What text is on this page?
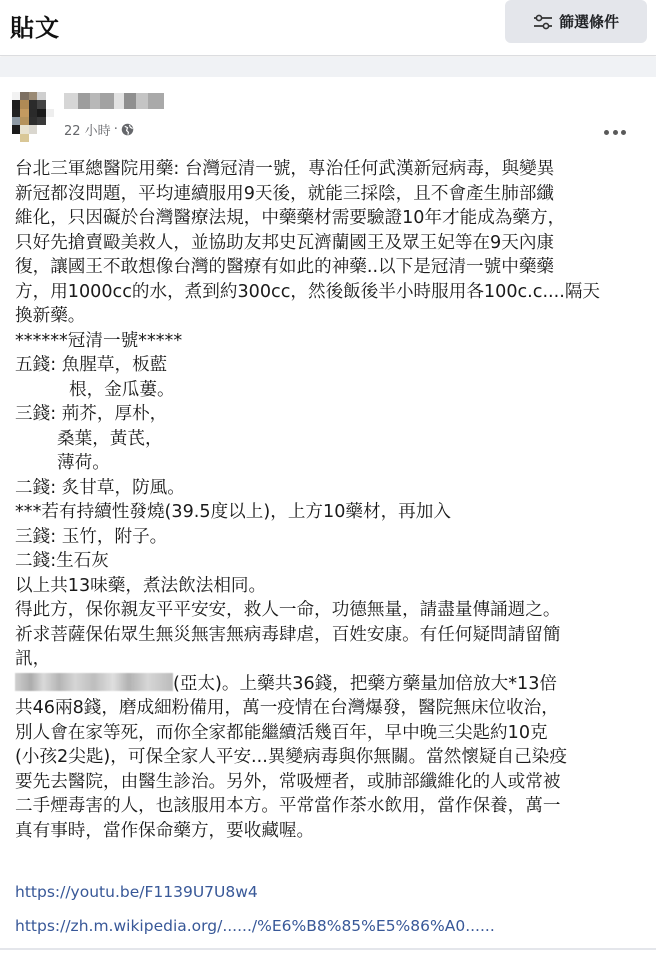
貼文	篩選條件
22 小時 ·
台北三軍總醫院用藥: 台灣冠清一號，專治任何武漢新冠病毒，與變異
新冠都沒問題，平均連續服用9天後，就能三採陰，且不會產生肺部纖
維化，只因礙於台灣醫療法規，中藥藥材需要驗證10年才能成為藥方，
只好先搶賣毆美救人，並協助友邦史瓦濟蘭國王及眾王妃等在9天內康
復，讓國王不敢想像台灣的醫療有如此的神藥..以下是冠清一號中藥藥
方，用1000cc的水，煮到約300cc，然後飯後半小時服用各100c.c....隔天
換新藥。
******冠清一號*****
五錢: 魚腥草，板藍
根，金瓜蔞。
三錢: 荊芥，厚朴，
桑葉，黃芪，
薄荷。
二錢: 炙甘草，防風。
***若有持續性發燒(39.5度以上)，上方10藥材，再加入
三錢: 玉竹，附子。
二錢:生石灰
以上共13味藥，煮法飲法相同。
得此方，保你親友平平安安，救人一命，功德無量，請盡量傳誦週之。
祈求菩薩保佑眾生無災無害無病毒肆虐，百姓安康。有任何疑問請留簡
訊，
(亞太)。上藥共36錢，把藥方藥量加倍放大*13倍
共46兩8錢，磨成細粉備用，萬一疫情在台灣爆發，醫院無床位收治，
別人會在家等死，而你全家都能繼續活幾百年，早中晚三尖匙約10克
(小孩2尖匙)，可保全家人平安...異變病毒與你無關。當然懷疑自己染疫
要先去醫院，由醫生診治。另外，常吸煙者，或肺部纖維化的人或常被
二手煙毒害的人，也該服用本方。平常當作茶水飲用，當作保養，萬一
真有事時，當作保命藥方，要收藏喔。
https://youtu.be/F1139U7U8w4
https://zh.m.wikipedia.org/....../%E6%B8%85%E5%86%A0......
